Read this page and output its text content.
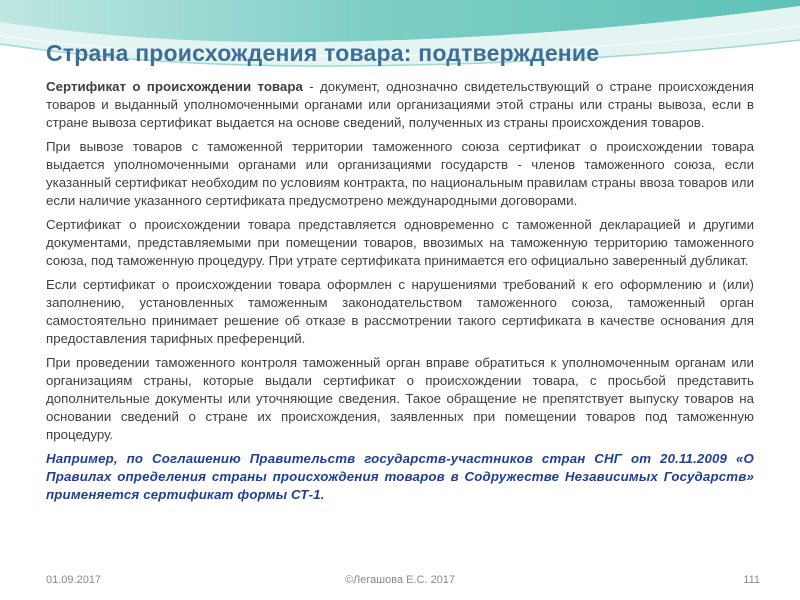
Страна происхождения товара: подтверждение

Сертификат о происхождении товара - документ, однозначно свидетельствующий о стране происхождения товаров и выданный уполномоченными органами или организациями этой страны или страны вывоза, если в стране вывоза сертификат выдается на основе сведений, полученных из страны происхождения товаров.

При вывозе товаров с таможенной территории таможенного союза сертификат о происхождении товара выдается уполномоченными органами или организациями государств - членов таможенного союза, если указанный сертификат необходим по условиям контракта, по национальным правилам страны ввоза товаров или если наличие указанного сертификата предусмотрено международными договорами.

Сертификат о происхождении товара представляется одновременно с таможенной декларацией и другими документами, представляемыми при помещении товаров, ввозимых на таможенную территорию таможенного союза, под таможенную процедуру. При утрате сертификата принимается его официально заверенный дубликат.

Если сертификат о происхождении товара оформлен с нарушениями требований к его оформлению и (или) заполнению, установленных таможенным законодательством таможенного союза, таможенный орган самостоятельно принимает решение об отказе в рассмотрении такого сертификата в качестве основания для предоставления тарифных преференций.

При проведении таможенного контроля таможенный орган вправе обратиться к уполномоченным органам или организациям страны, которые выдали сертификат о происхождении товара, с просьбой представить дополнительные документы или уточняющие сведения. Такое обращение не препятствует выпуску товаров на основании сведений о стране их происхождения, заявленных при помещении товаров под таможенную процедуру.

Например, по Соглашению Правительств государств-участников стран СНГ от 20.11.2009 «О Правилах определения страны происхождения товаров в Содружестве Независимых Государств» применяется сертификат формы СТ-1.

01.09.2017	©Легашова Е.С. 2017	111
